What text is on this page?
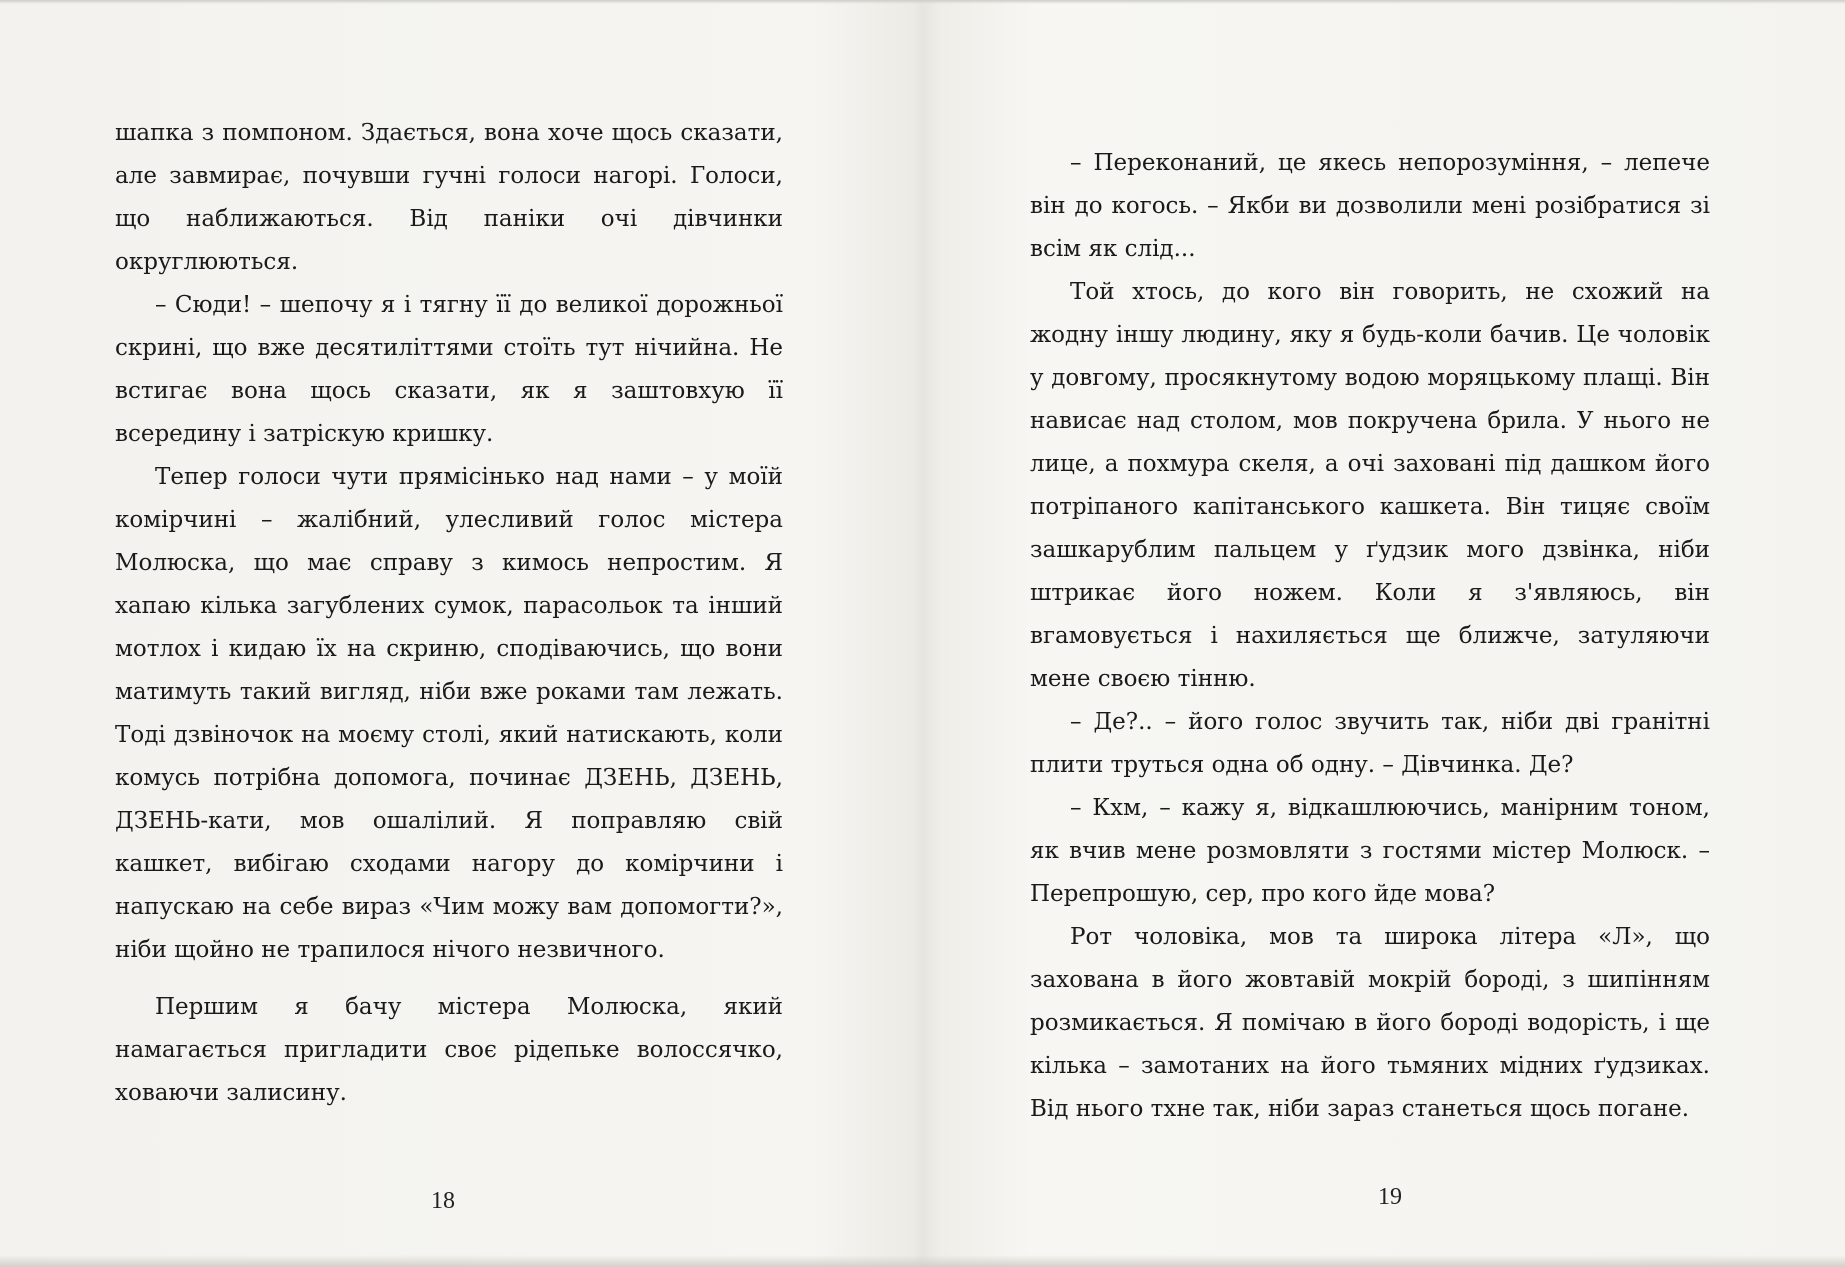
шапка з помпоном. Здається, вона хоче щось сказати, але завмирає, почувши гучні голоси нагорі. Голоси, що наближаються. Від паніки очі дівчинки округлюються.

– Сюди! – шепочу я і тягну її до великої дорожньої скрині, що вже десятиліттями стоїть тут нічийна. Не встигає вона щось сказати, як я заштовхую її всередину і затріскую кришку.

Тепер голоси чути прямісінько над нами – у моїй комірчині – жалібний, улесливий голос містера Молюска, що має справу з кимось непростим. Я хапаю кілька загублених сумок, парасольок та інший мотлох і кидаю їх на скриню, сподіваючись, що вони матимуть такий вигляд, ніби вже роками там лежать. Тоді дзвіночок на моєму столі, який натискають, коли комусь потрібна допомога, починає ДЗЕНЬ, ДЗЕНЬ, ДЗЕНЬ-кати, мов ошалілий. Я поправляю свій кашкет, вибігаю сходами нагору до комірчини і напускаю на себе вираз «Чим можу вам допомогти?», ніби щойно не трапилося нічого незвичного.

Першим я бачу містера Молюска, який намагається пригладити своє рідепьке волоссячко, ховаючи залисину.

18

– Переконаний, це якесь непорозуміння, – лепече він до когось. – Якби ви дозволили мені розібратися зі всім як слід...

Той хтось, до кого він говорить, не схожий на жодну іншу людину, яку я будь-коли бачив. Це чоловік у довгому, просякнутому водою моряцькому плащі. Він нависає над столом, мов покручена брила. У нього не лице, а похмура скеля, а очі заховані під дашком його потріпаного капітанського кашкета. Він тицяє своїм зашкарублим пальцем у ґудзик мого дзвінка, ніби штрикає його ножем. Коли я з'являюсь, він вгамовується і нахиляється ще ближче, затуляючи мене своєю тінню.

– Де?.. – його голос звучить так, ніби дві гранітні плити труться одна об одну. – Дівчинка. Де?

– Кхм, – кажу я, відкашлюючись, манірним тоном, як вчив мене розмовляти з гостями містер Молюск. – Перепрошую, сер, про кого йде мова?

Рот чоловіка, мов та широка літера «Л», що захована в його жовтавій мокрій бороді, з шипінням розмикається. Я помічаю в його бороді водорість, і ще кілька – замотаних на його тьмяних мідних ґудзиках. Від нього тхне так, ніби зараз станеться щось погане.

19
